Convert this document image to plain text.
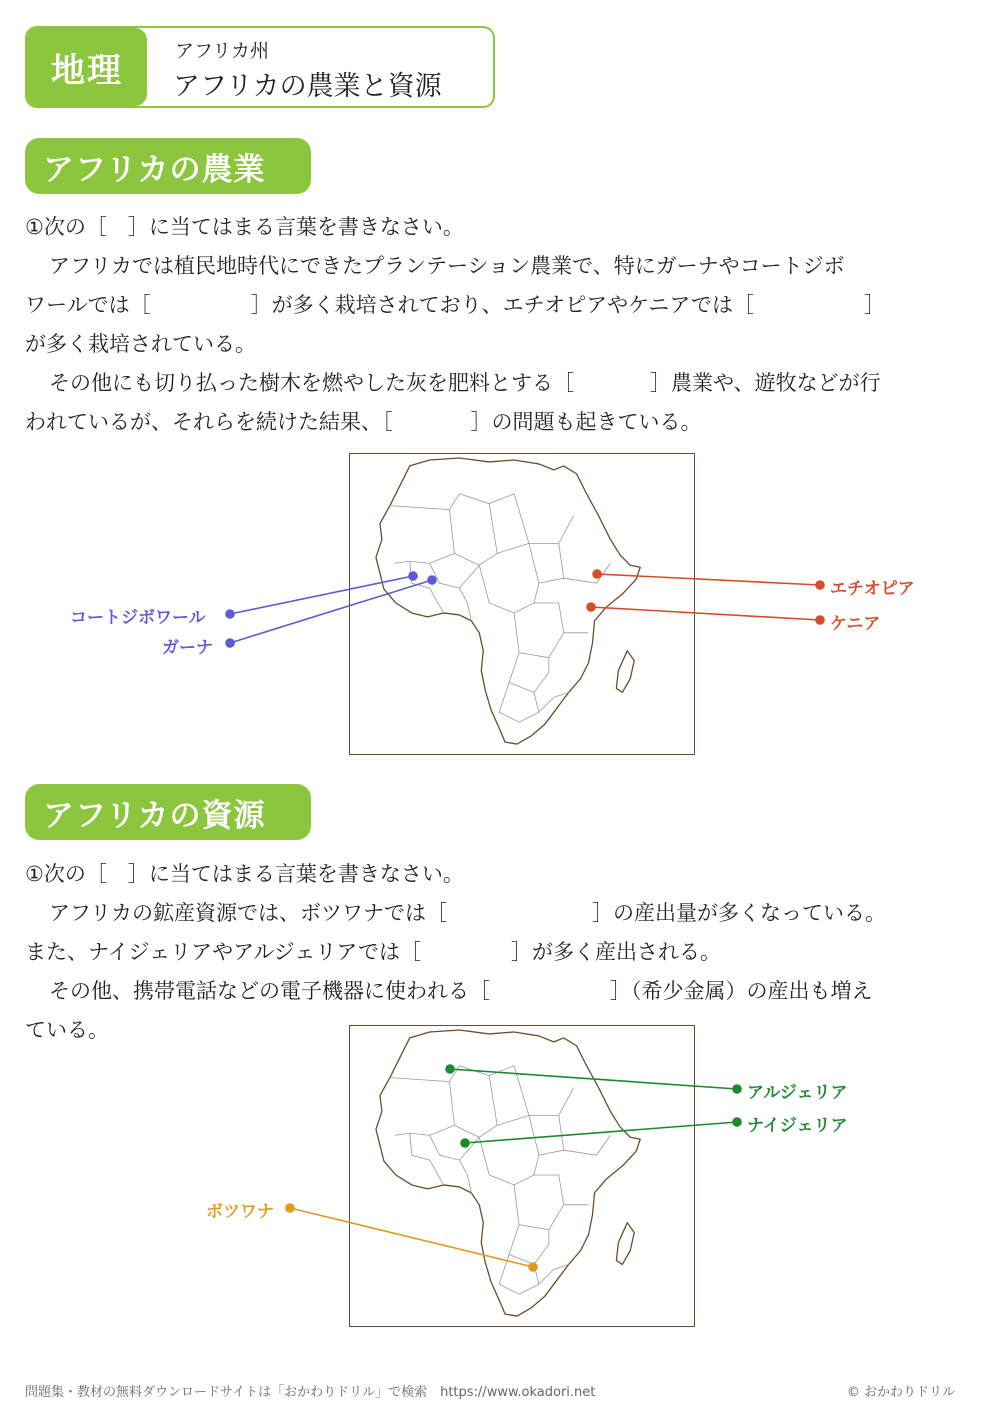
地理	アフリカ州
アフリカの農業と資源
アフリカの農業

①次の［　］に当てはまる言葉を書きなさい。

アフリカでは植民地時代にできたプランテーション農業で、特にガーナやコートジボ

ワールでは［	］が多く栽培されており、エチオピアやケニアでは［	］

が多く栽培されている。

その他にも切り払った樹木を燃やした灰を肥料とする［	］農業や、遊牧などが行

われているが、それらを続けた結果、［	］の問題も起きている。

アフリカの資源

①次の［　］に当てはまる言葉を書きなさい。

アフリカの鉱産資源では、ボツワナでは［	］の産出量が多くなっている。

また、ナイジェリアやアルジェリアでは［	］が多く産出される。

その他、携帯電話などの電子機器に使われる［	］（希少金属）の産出も増え

ている。

コートジボワール
ガーナ
エチオピア
ケニア
アルジェリア
ナイジェリア
ボツワナ
問題集・教材の無料ダウンロードサイトは「おかわりドリル」で検索　https://www.okadori.net	© おかわりドリル
